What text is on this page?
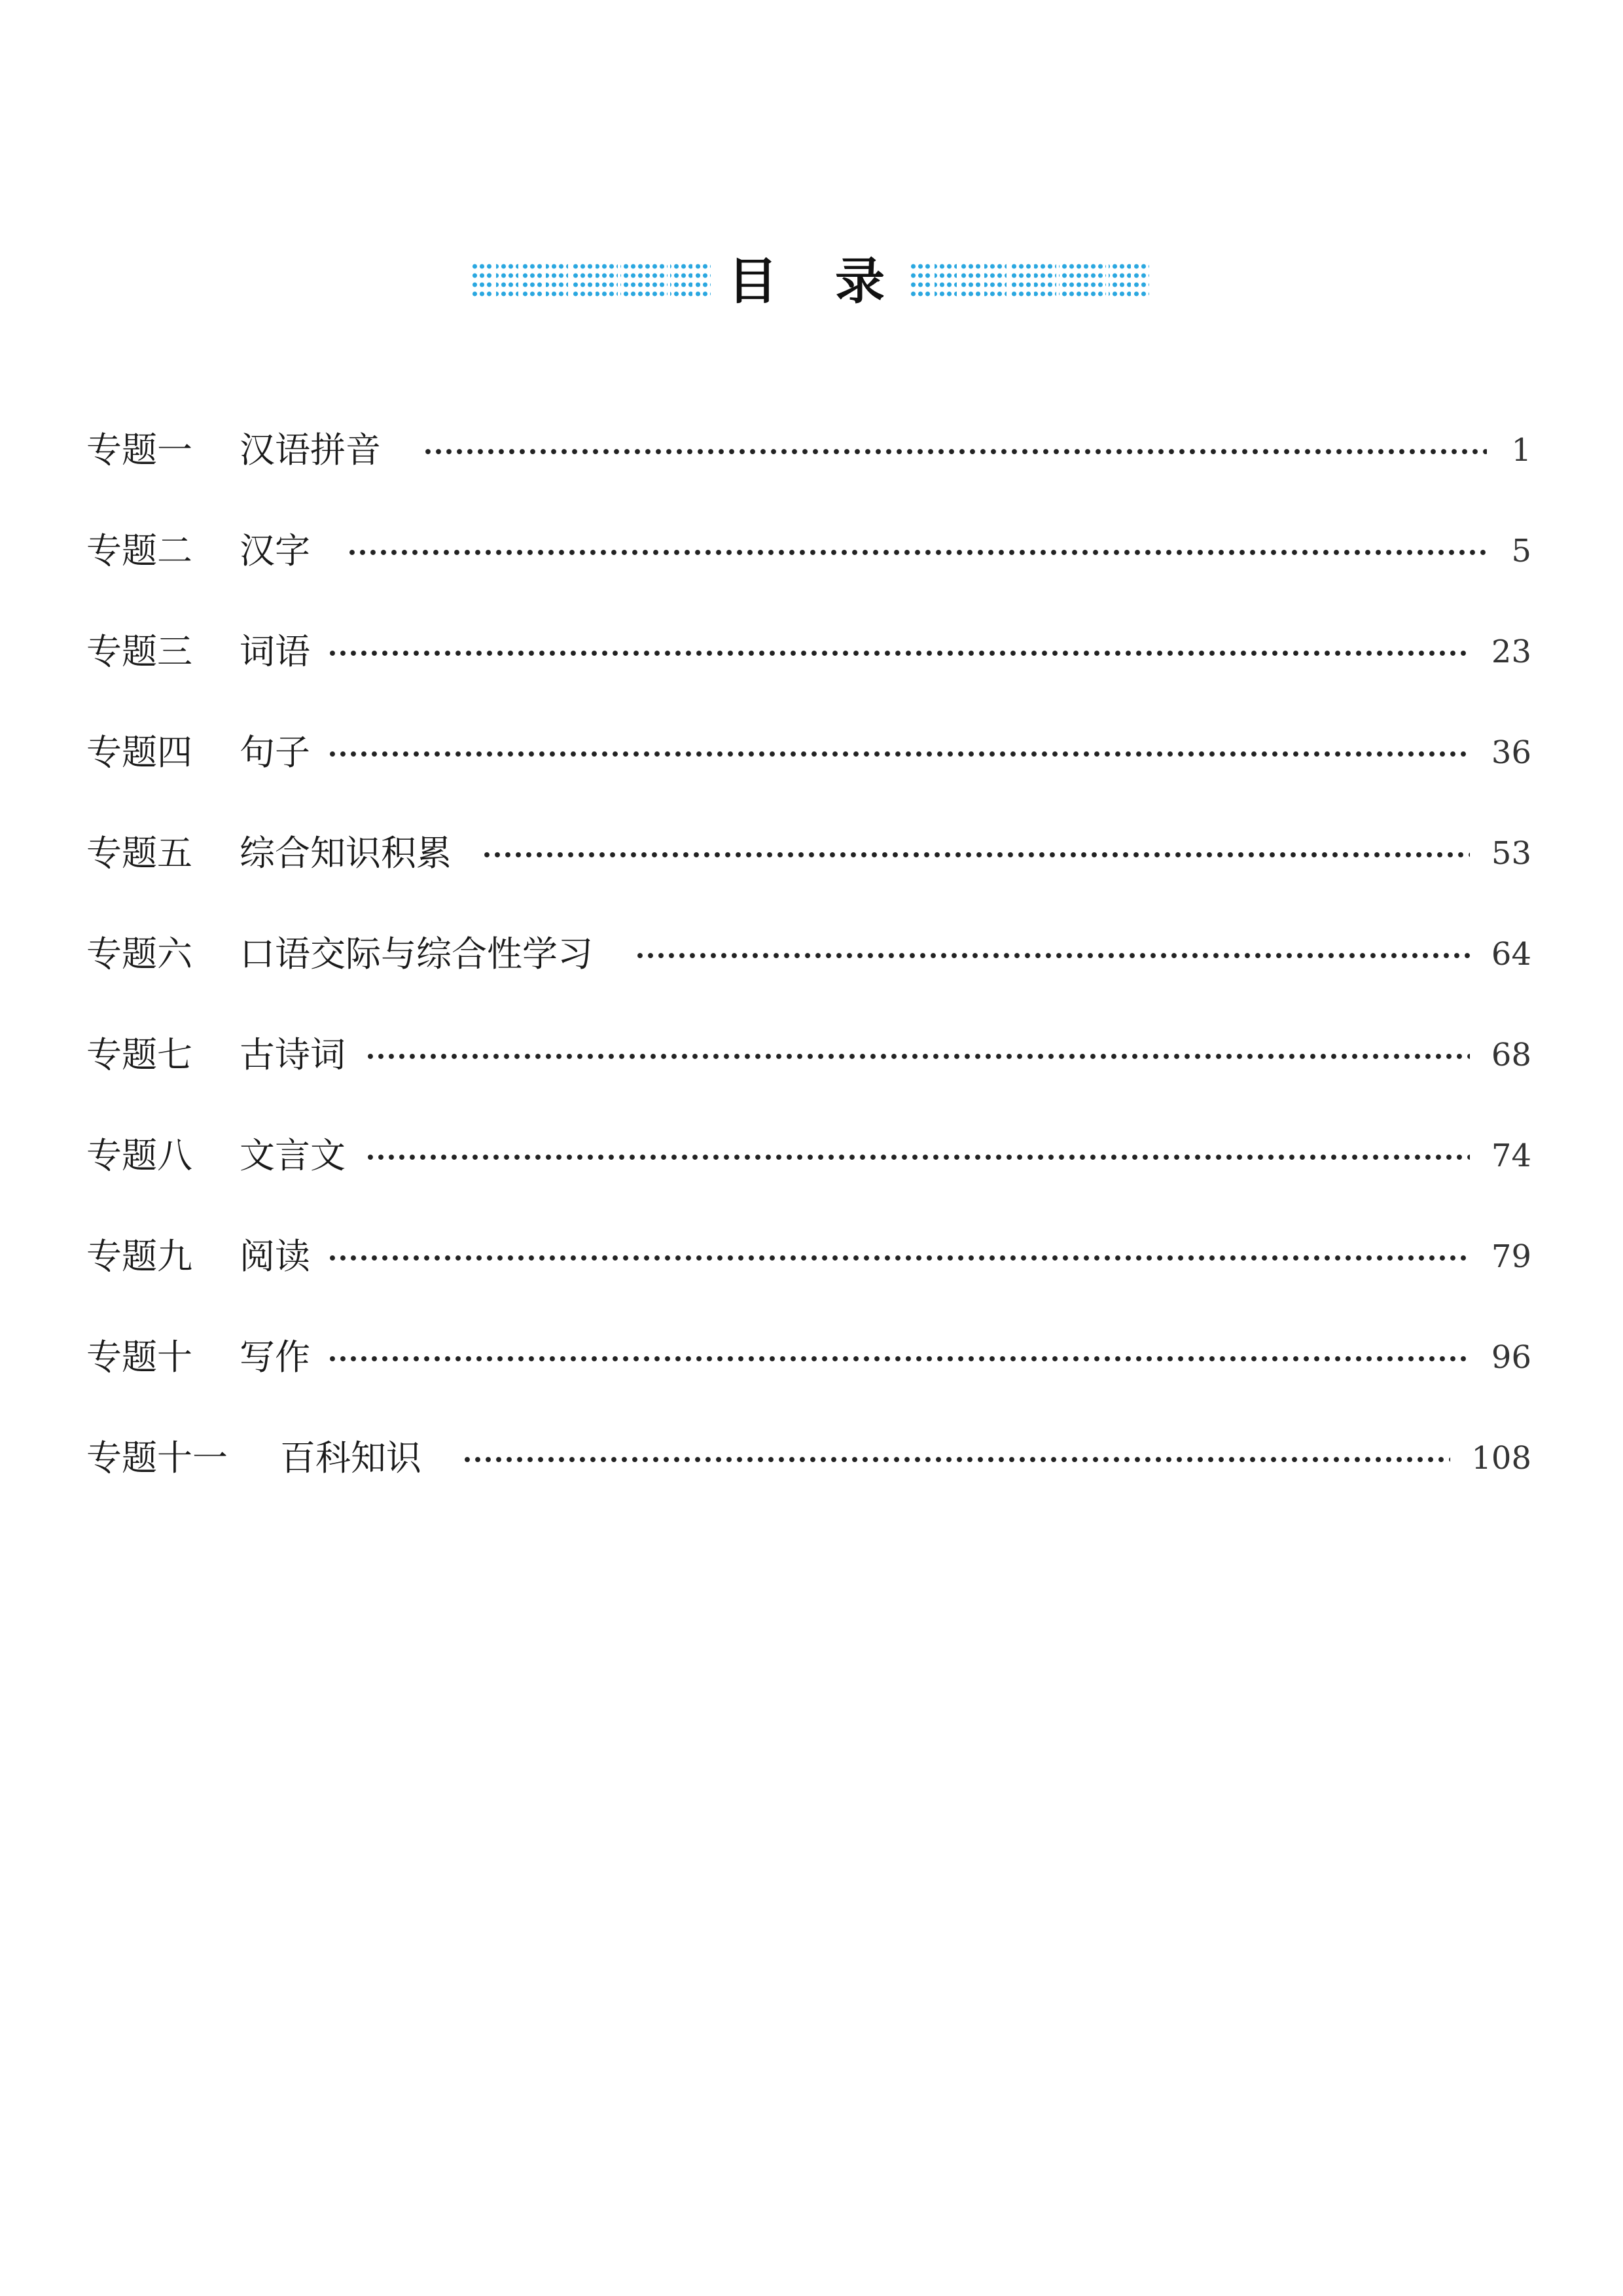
目 录
专题一 汉语拼音	1
专题二 汉字	5
专题三 词语	23
专题四 句子	36
专题五 综合知识积累	53
专题六 口语交际与综合性学习	64
专题七 古诗词	68
专题八 文言文	74
专题九 阅读	79
专题十 写作	96
专题十一 百科知识	108
